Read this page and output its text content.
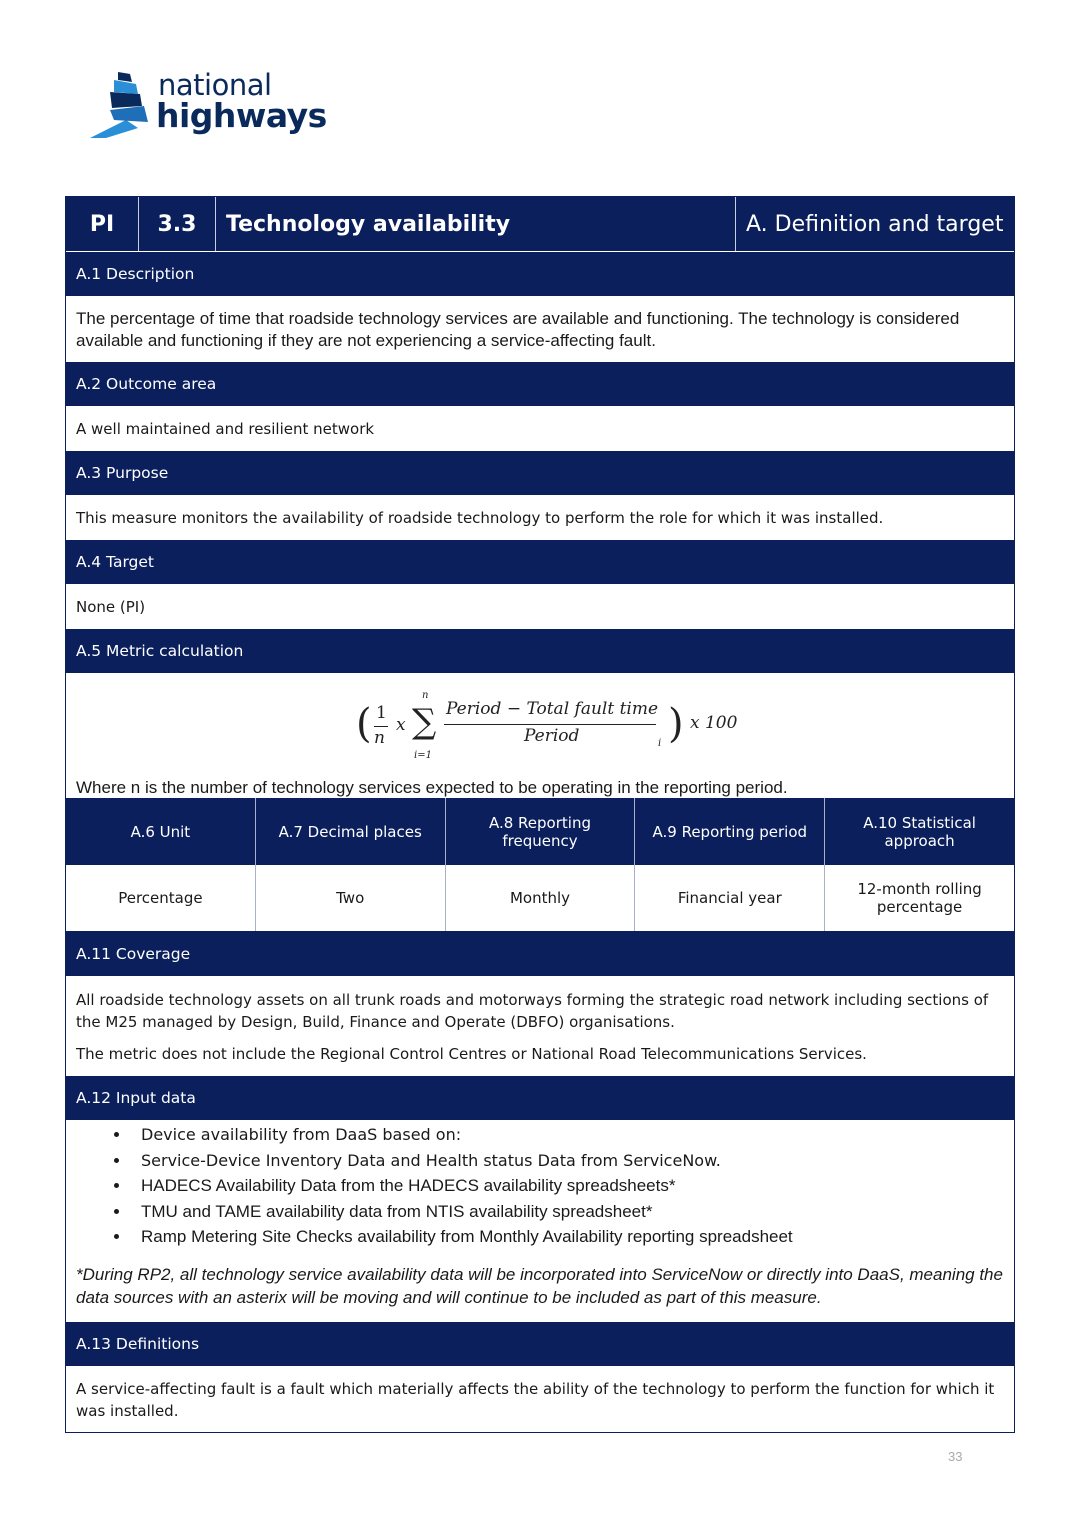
national
highways
PI	3.3	Technology availability	A. Definition and target
A.1 Description
The percentage of time that roadside technology services are available and functioning. The technology is considered available and functioning if they are not experiencing a service-affecting fault.
A.2 Outcome area
A well maintained and resilient network
A.3 Purpose
This measure monitors the availability of roadside technology to perform the role for which it was installed.
A.4 Target
None (PI)
A.5 Metric calculation
( 1
n
x
n
∑
i=1
Period − Total fault time
Period	i ) x 100
Where n is the number of technology services expected to be operating in the reporting period.
A.6 Unit	A.7 Decimal places	A.8 Reporting frequency	A.9 Reporting period	A.10 Statistical approach
Percentage	Two	Monthly	Financial year	12-month rolling percentage
A.11 Coverage
All roadside technology assets on all trunk roads and motorways forming the strategic road network including sections of the M25 managed by Design, Build, Finance and Operate (DBFO) organisations.
The metric does not include the Regional Control Centres or National Road Telecommunications Services.
A.12 Input data
• Device availability from DaaS based on:
• Service-Device Inventory Data and Health status Data from ServiceNow.
• HADECS Availability Data from the HADECS availability spreadsheets*
• TMU and TAME availability data from NTIS availability spreadsheet*
• Ramp Metering Site Checks availability from Monthly Availability reporting spreadsheet
*During RP2, all technology service availability data will be incorporated into ServiceNow or directly into DaaS, meaning the data sources with an asterix will be moving and will continue to be included as part of this measure.
A.13 Definitions
A service-affecting fault is a fault which materially affects the ability of the technology to perform the function for which it was installed.
33
